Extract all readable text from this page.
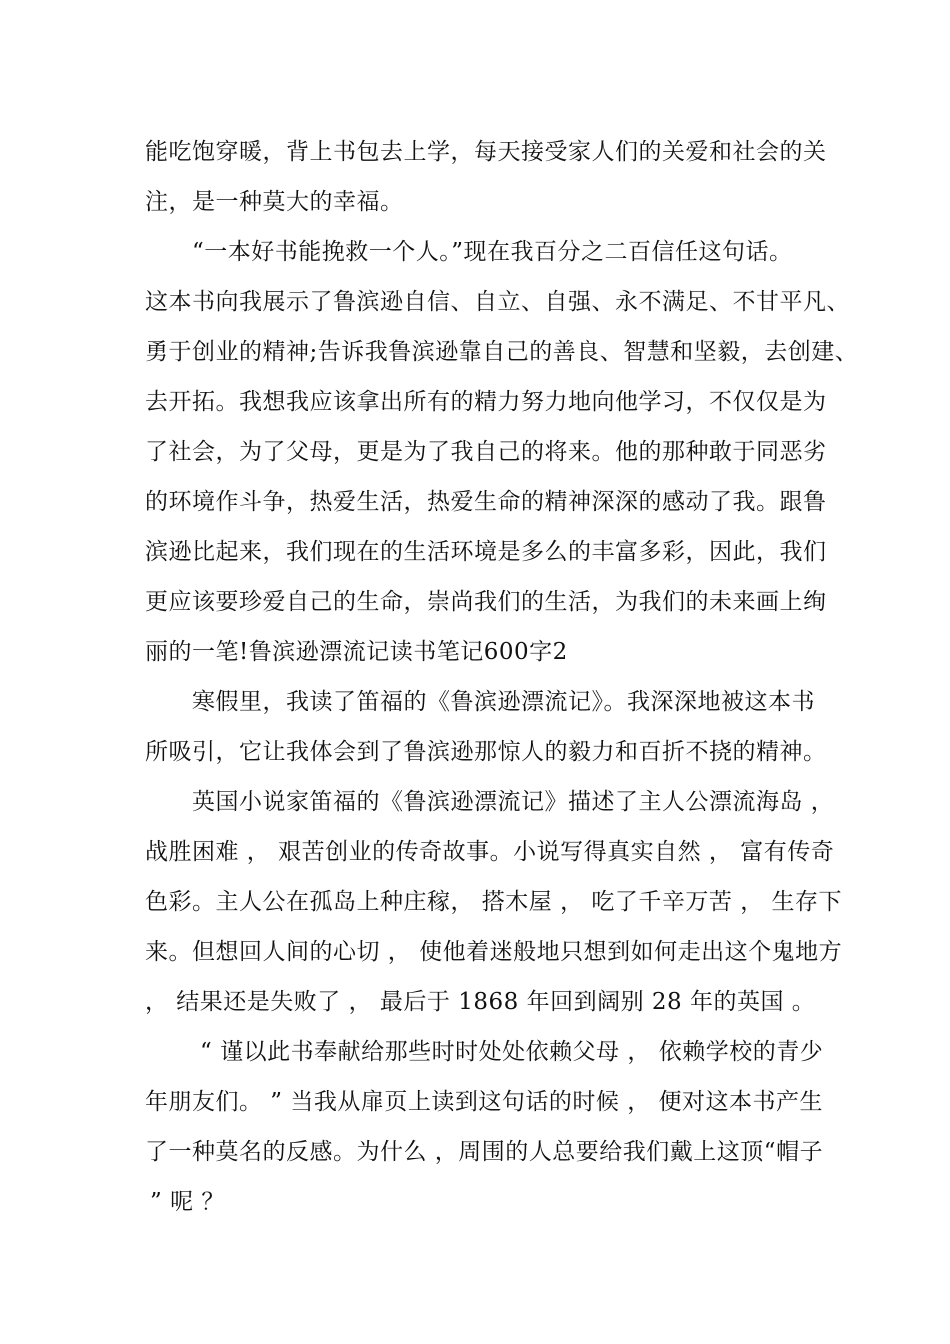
能吃饱穿暖，背上书包去上学，每天接受家人们的关爱和社会的关
注，是一种莫大的幸福。
“一本好书能挽救一个人。”现在我百分之二百信任这句话。
这本书向我展示了鲁滨逊自信、自立、自强、永不满足、不甘平凡、
勇于创业的精神;告诉我鲁滨逊靠自己的善良、智慧和坚毅，去创建、
去开拓。我想我应该拿出所有的精力努力地向他学习，不仅仅是为
了社会，为了父母，更是为了我自己的将来。他的那种敢于同恶劣
的环境作斗争，热爱生活，热爱生命的精神深深的感动了我。跟鲁
滨逊比起来，我们现在的生活环境是多么的丰富多彩，因此，我们
更应该要珍爱自己的生命，崇尚我们的生活，为我们的未来画上绚
丽的一笔!鲁滨逊漂流记读书笔记600字2
寒假里，我读了笛福的《鲁滨逊漂流记》。我深深地被这本书
所吸引，它让我体会到了鲁滨逊那惊人的毅力和百折不挠的精神。
英国小说家笛福的《鲁滨逊漂流记》描述了主人公漂流海岛 ，
战胜困难 ， 艰苦创业的传奇故事。小说写得真实自然 ， 富有传奇
色彩。主人公在孤岛上种庄稼， 搭木屋 ， 吃了千辛万苦 ， 生存下
来。但想回人间的心切 ， 使他着迷般地只想到如何走出这个鬼地方
， 结果还是失败了 ， 最后于 1868 年回到阔别 28 年的英国 。
“ 谨以此书奉献给那些时时处处依赖父母 ， 依赖学校的青少
年朋友们。 ” 当我从扉页上读到这句话的时候 ， 便对这本书产生
了一种莫名的反感。为什么 ，周围的人总要给我们戴上这顶“帽子
” 呢 ？
